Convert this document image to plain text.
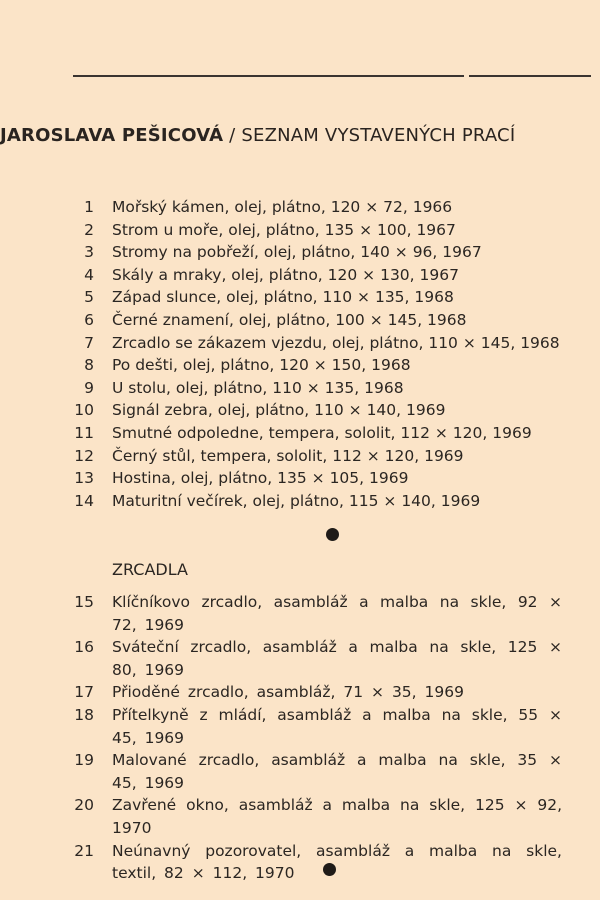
JAROSLAVA PEŠICOVÁ / SEZNAM VYSTAVENÝCH PRACÍ
1 Mořský kámen, olej, plátno, 120 × 72, 1966
2 Strom u moře, olej, plátno, 135 × 100, 1967
3 Stromy na pobřeží, olej, plátno, 140 × 96, 1967
4 Skály a mraky, olej, plátno, 120 × 130, 1967
5 Západ slunce, olej, plátno, 110 × 135, 1968
6 Černé znamení, olej, plátno, 100 × 145, 1968
7 Zrcadlo se zákazem vjezdu, olej, plátno, 110 × 145, 1968
8 Po dešti, olej, plátno, 120 × 150, 1968
9 U stolu, olej, plátno, 110 × 135, 1968
10 Signál zebra, olej, plátno, 110 × 140, 1969
11 Smutné odpoledne, tempera, sololit, 112 × 120, 1969
12 Černý stůl, tempera, sololit, 112 × 120, 1969
13 Hostina, olej, plátno, 135 × 105, 1969
14 Maturitní večírek, olej, plátno, 115 × 140, 1969
ZRCADLA
15 Klíčníkovo zrcadlo, asambláž a malba na skle, 92 × 72, 1969
16 Sváteční zrcadlo, asambláž a malba na skle, 125 × 80, 1969
17 Přioděné zrcadlo, asambláž, 71 × 35, 1969
18 Přítelkyně z mládí, asambláž a malba na skle, 55 × 45, 1969
19 Malované zrcadlo, asambláž a malba na skle, 35 × 45, 1969
20 Zavřené okno, asambláž a malba na skle, 125 × 92, 1970
21 Neúnavný pozorovatel, asambláž a malba na skle, textil, 82 × 112, 1970
